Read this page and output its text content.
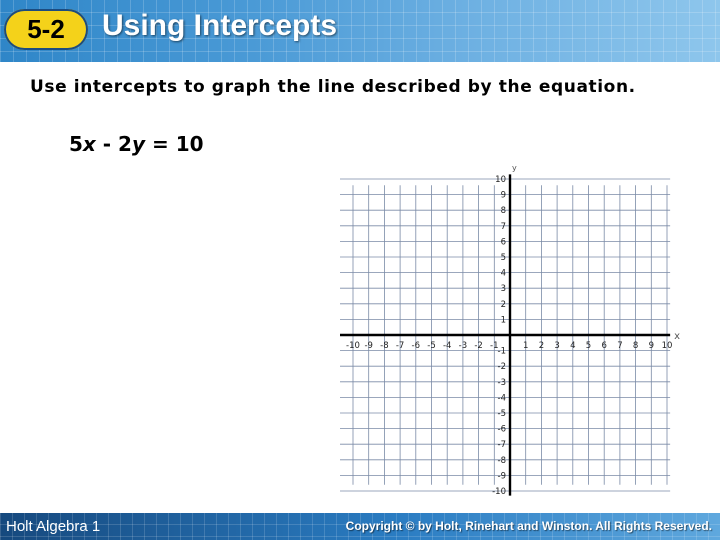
5-2	Using Intercepts
Use intercepts to graph the line described by the equation.
5x - 2y = 10
-10 -9 -8 -7 -6 -5 -4 -3 -2 -1	1 2 3 4 5 6 7 8 9 10
10
9
8
7
6
5
4
3
2
1
-1
-2
-3
-4
-5
-6
-7
-8
-9
-10
x
y
Holt Algebra 1	Copyright © by Holt, Rinehart and Winston. All Rights Reserved.
